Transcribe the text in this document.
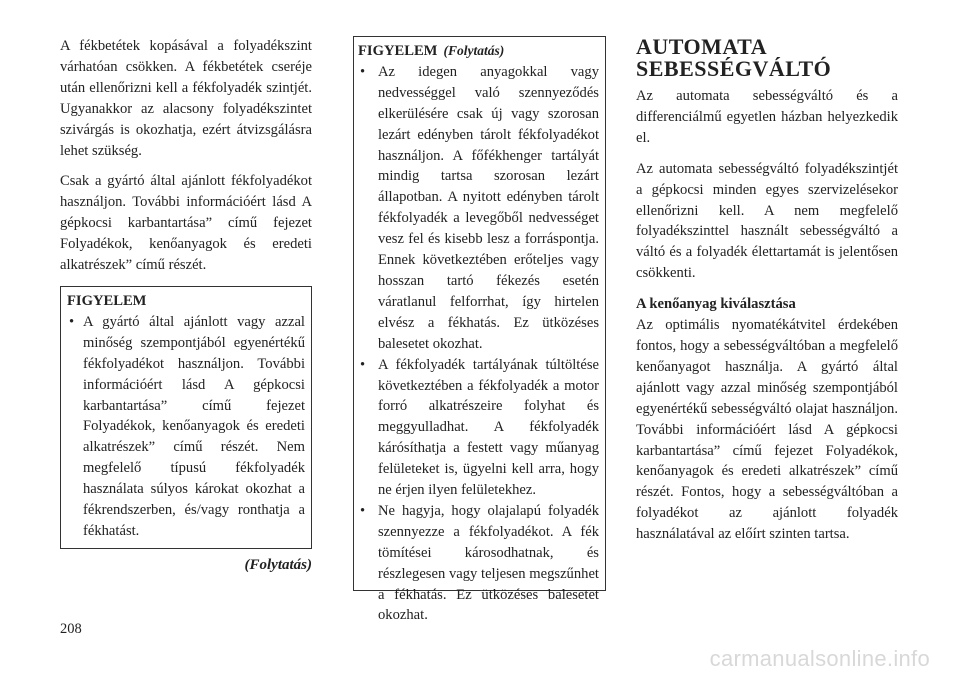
A fékbetétek kopásával a folyadékszint várhatóan csökken. A fékbetétek cseréje után ellenőrizni kell a fékfolyadék szintjét. Ugyanakkor az alacsony folyadékszintet szivárgás is okozhatja, ezért átvizsgálásra lehet szükség.

Csak a gyártó által ajánlott fékfolyadékot használjon. További információért lásd A gépkocsi karbantartása” című fejezet Folyadékok, kenőanyagok és eredeti alkatrészek” című részét.

FIGYELEM
• A gyártó által ajánlott vagy azzal minőség szempontjából egyenértékű fékfolyadékot használjon. További információért lásd A gépkocsi karbantartása” című fejezet Folyadékok, kenőanyagok és eredeti alkatrészek” című részét. Nem megfelelő típusú fékfolyadék használata súlyos károkat okozhat a fékrendszerben, és/vagy ronthatja a fékhatást.
(Folytatás)
FIGYELEM (Folytatás)
• Az idegen anyagokkal vagy nedvességgel való szennyeződés elkerülésére csak új vagy szorosan lezárt edényben tárolt fékfolyadékot használjon. A főfékhenger tartályát mindig tartsa szorosan lezárt állapotban. A nyitott edényben tárolt fékfolyadék a levegőből nedvességet vesz fel és kisebb lesz a forráspontja. Ennek következtében erőteljes vagy hosszan tartó fékezés esetén váratlanul felforrhat, így hirtelen elvész a fékhatás. Ez ütközéses balesetet okozhat.
• A fékfolyadék tartályának túltöltése következtében a fékfolyadék a motor forró alkatrészeire folyhat és meggyulladhat. A fékfolyadék kárósíthatja a festett vagy műanyag felületeket is, ügyelni kell arra, hogy ne érjen ilyen felületekhez.
• Ne hagyja, hogy olajalapú folyadék szennyezze a fékfolyadékot. A fék tömítései károsodhatnak, és részlegesen vagy teljesen megszűnhet a fékhatás. Ez ütközéses balesetet okozhat.
AUTOMATA
SEBESSÉGVÁLTÓ

Az automata sebességváltó és a differenciálmű egyetlen házban helyezkedik el.

Az automata sebességváltó folyadékszintjét a gépkocsi minden egyes szervizelésekor ellenőrizni kell. A nem megfelelő folyadékszinttel használt sebességváltó a váltó és a folyadék élettartamát is jelentősen csökkenti.

A kenőanyag kiválasztása

Az optimális nyomatékátvitel érdekében fontos, hogy a sebességváltóban a megfelelő kenőanyagot használja. A gyártó által ajánlott vagy azzal minőség szempontjából egyenértékű sebességváltó olajat használjon. További információért lásd A gépkocsi karbantartása” című fejezet Folyadékok, kenőanyagok és eredeti alkatrészek” című részét. Fontos, hogy a sebességváltóban a folyadékot az ajánlott folyadék használatával az előírt szinten tartsa.

208
carmanualsonline.info
